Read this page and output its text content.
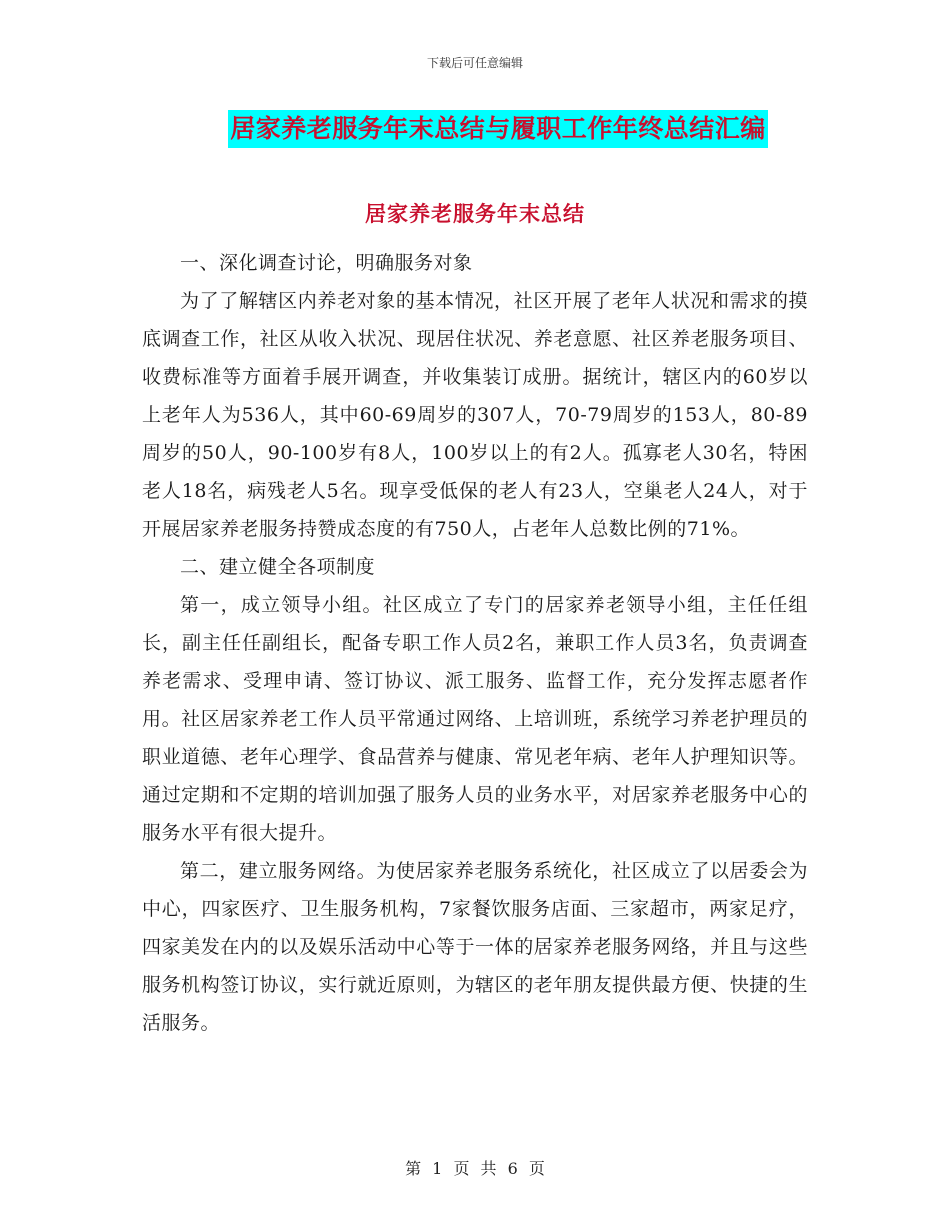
下载后可任意编辑
居家养老服务年末总结与履职工作年终总结汇编
居家养老服务年末总结

一、深化调查讨论，明确服务对象

为了了解辖区内养老对象的基本情况，社区开展了老年人状况和需求的摸底调查工作，社区从收入状况、现居住状况、养老意愿、社区养老服务项目、收费标准等方面着手展开调查，并收集装订成册。据统计，辖区内的60岁以上老年人为536人，其中60-69周岁的307人，70-79周岁的153人，80-89周岁的50人，90-100岁有8人，100岁以上的有2人。孤寡老人30名，特困老人18名，病残老人5名。现享受低保的老人有23人，空巢老人24人，对于开展居家养老服务持赞成态度的有750人，占老年人总数比例的71%。

二、建立健全各项制度

第一，成立领导小组。社区成立了专门的居家养老领导小组，主任任组长，副主任任副组长，配备专职工作人员2名，兼职工作人员3名，负责调查养老需求、受理申请、签订协议、派工服务、监督工作，充分发挥志愿者作用。社区居家养老工作人员平常通过网络、上培训班，系统学习养老护理员的职业道德、老年心理学、食品营养与健康、常见老年病、老年人护理知识等。通过定期和不定期的培训加强了服务人员的业务水平，对居家养老服务中心的服务水平有很大提升。

第二，建立服务网络。为使居家养老服务系统化，社区成立了以居委会为中心，四家医疗、卫生服务机构，7家餐饮服务店面、三家超市，两家足疗，四家美发在内的以及娱乐活动中心等于一体的居家养老服务网络，并且与这些服务机构签订协议，实行就近原则，为辖区的老年朋友提供最方便、快捷的生活服务。

第 1 页 共 6 页
